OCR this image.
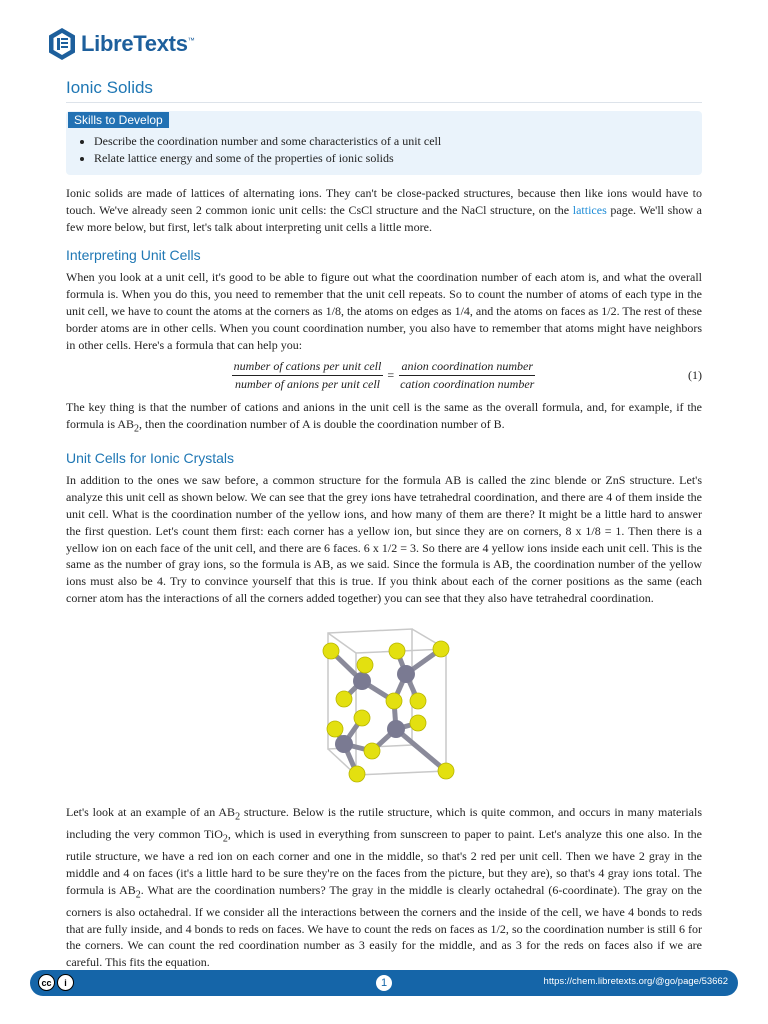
LibreTexts™
Ionic Solids
Skills to Develop
• Describe the coordination number and some characteristics of a unit cell
• Relate lattice energy and some of the properties of ionic solids

Ionic solids are made of lattices of alternating ions. They can't be close-packed structures, because then like ions would have to touch. We've already seen 2 common ionic unit cells: the CsCl structure and the NaCl structure, on the lattices page. We'll show a few more below, but first, let's talk about interpreting unit cells a little more.

Interpreting Unit Cells

When you look at a unit cell, it's good to be able to figure out what the coordination number of each atom is, and what the overall formula is. When you do this, you need to remember that the unit cell repeats. So to count the number of atoms of each type in the unit cell, we have to count the atoms at the corners as 1/8, the atoms on edges as 1/4, and the atoms on faces as 1/2. The rest of these border atoms are in other cells. When you count coordination number, you also have to remember that atoms might have neighbors in other cells. Here's a formula that can help you:

$\frac{\text{number of cations per unit cell}}{\text{number of anions per unit cell}} = \frac{\text{anion coordination number}}{\text{cation coordination number}}$	(1)

The key thing is that the number of cations and anions in the unit cell is the same as the overall formula, and, for example, if the formula is $AB_2$, then the coordination number of A is double the coordination number of B.

Unit Cells for Ionic Crystals

In addition to the ones we saw before, a common structure for the formula AB is called the zinc blende or ZnS structure. Let's analyze this unit cell as shown below. We can see that the grey ions have tetrahedral coordination, and there are 4 of them inside the unit cell. What is the coordination number of the yellow ions, and how many of them are there? It might be a little hard to answer the first question. Let's count them first: each corner has a yellow ion, but since they are on corners, 8 x 1/8 = 1. Then there is a yellow ion on each face of the unit cell, and there are 6 faces. 6 x 1/2 = 3. So there are 4 yellow ions inside each unit cell. This is the same as the number of gray ions, so the formula is AB, as we said. Since the formula is AB, the coordination number of the yellow ions must also be 4. Try to convince yourself that this is true. If you think about each of the corner positions as the same (each corner atom has the interactions of all the corners added together) you can see that they also have tetrahedral coordination.

Let's look at an example of an $AB_2$ structure. Below is the rutile structure, which is quite common, and occurs in many materials including the very common TiO$_2$, which is used in everything from sunscreen to paper to paint. Let's analyze this one also. In the rutile structure, we have a red ion on each corner and one in the middle, so that's 2 red per unit cell. Then we have 2 gray in the middle and 4 on faces (it's a little hard to be sure they're on the faces from the picture, but they are), so that's 4 gray ions total. The formula is $AB_2$. What are the coordination numbers? The gray in the middle is clearly octahedral (6-coordinate). The gray on the corners is also octahedral. If we consider all the interactions between the corners and the inside of the cell, we have 4 bonds to reds that are fully inside, and 4 bonds to reds on faces. We have to count the reds on faces as 1/2, so the coordination number is still 6 for the corners. We can count the red coordination number as 3 easily for the middle, and as 3 for the reds on faces also if we are careful. This fits the equation.

cc	i	1	https://chem.libretexts.org/@go/page/53662
